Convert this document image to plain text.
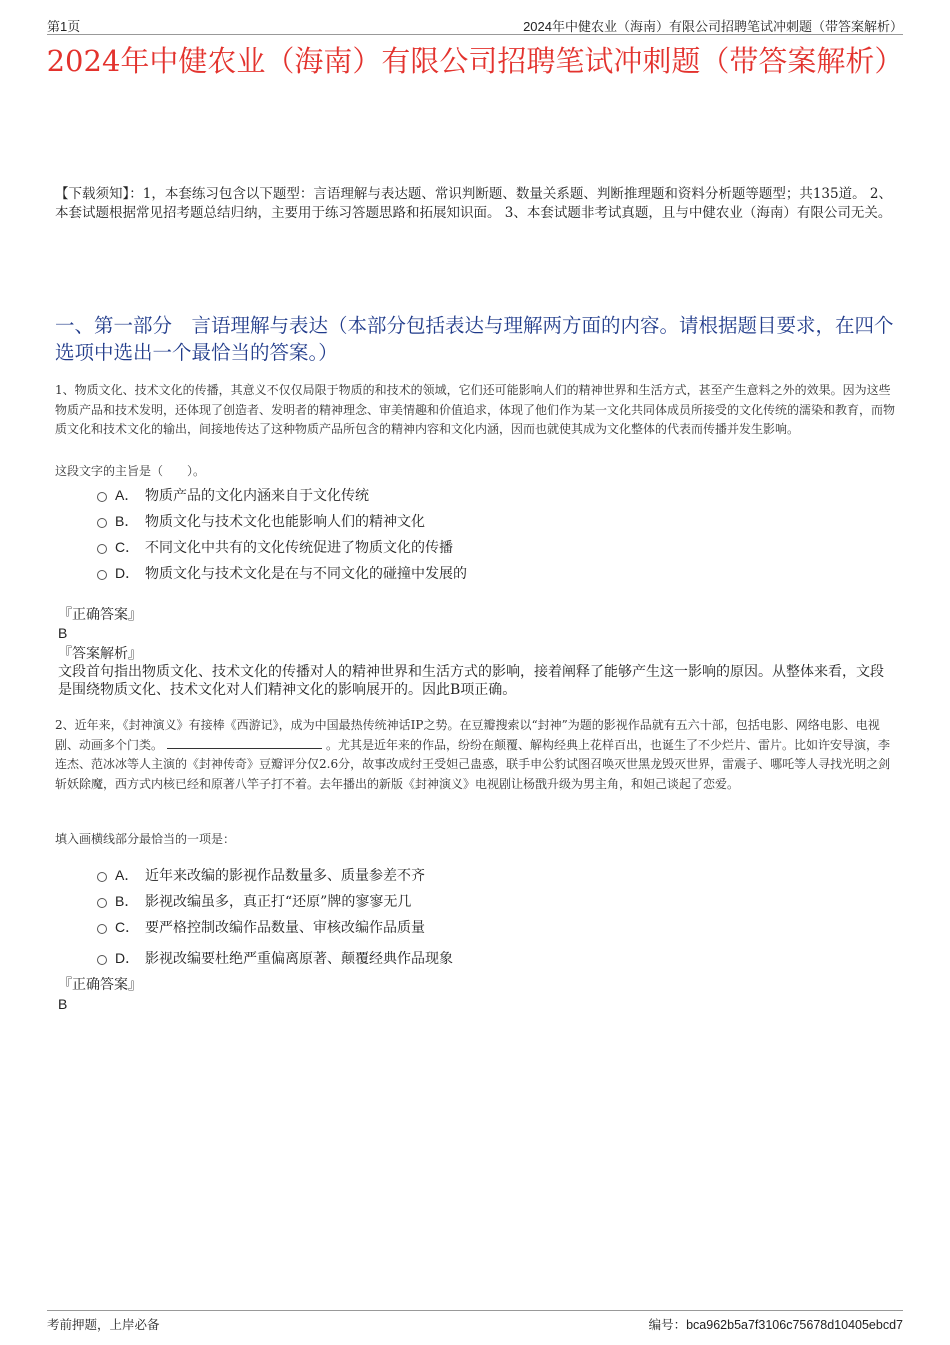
第1页	2024年中健农业（海南）有限公司招聘笔试冲刺题（带答案解析）
2024年中健农业（海南）有限公司招聘笔试冲刺题（带答案解析）
【下载须知】：1，本套练习包含以下题型：言语理解与表达题、常识判断题、数量关系题、判断推理题和资料分析题等题型；共135道。 2、本套试题根据常见招考题总结归纳，主要用于练习答题思路和拓展知识面。 3、本套试题非考试真题，且与中健农业（海南）有限公司无关。
一、第一部分　言语理解与表达（本部分包括表达与理解两方面的内容。请根据题目要求，在四个选项中选出一个最恰当的答案。）
1、物质文化、技术文化的传播，其意义不仅仅局限于物质的和技术的领域，它们还可能影响人们的精神世界和生活方式，甚至产生意料之外的效果。因为这些物质产品和技术发明，还体现了创造者、发明者的精神理念、审美情趣和价值追求，体现了他们作为某一文化共同体成员所接受的文化传统的濡染和教育，而物质文化和技术文化的输出，间接地传达了这种物质产品所包含的精神内容和文化内涵，因而也就使其成为文化整体的代表而传播并发生影响。
这段文字的主旨是（　　）。
A． 物质产品的文化内涵来自于文化传统
B． 物质文化与技术文化也能影响人们的精神文化
C． 不同文化中共有的文化传统促进了物质文化的传播
D． 物质文化与技术文化是在与不同文化的碰撞中发展的
『正确答案』
B
『答案解析』
文段首句指出物质文化、技术文化的传播对人的精神世界和生活方式的影响，接着阐释了能够产生这一影响的原因。从整体来看，文段是围绕物质文化、技术文化对人们精神文化的影响展开的。因此B项正确。
2、近年来，《封神演义》有接棒《西游记》，成为中国最热传统神话IP之势。在豆瓣搜索以“封神”为题的影视作品就有五六十部，包括电影、网络电影、电视剧、动画多个门类。	。尤其是近年来的作品，纷纷在颠覆、解构经典上花样百出，也诞生了不少烂片、雷片。比如许安导演，李连杰、范冰冰等人主演的《封神传奇》豆瓣评分仅2.6分，故事改成纣王受妲己蛊惑，联手申公豹试图召唤灭世黑龙毁灭世界，雷震子、哪吒等人寻找光明之剑斩妖除魔，西方式内核已经和原著八竿子打不着。去年播出的新版《封神演义》电视剧让杨戬升级为男主角，和妲己谈起了恋爱。
填入画横线部分最恰当的一项是：
A． 近年来改编的影视作品数量多、质量参差不齐
B． 影视改编虽多，真正打“还原”牌的寥寥无几
C． 要严格控制改编作品数量、审核改编作品质量
D． 影视改编要杜绝严重偏离原著、颠覆经典作品现象
『正确答案』
B
考前押题，上岸必备	编号：bca962b5a7f3106c75678d10405ebcd7
